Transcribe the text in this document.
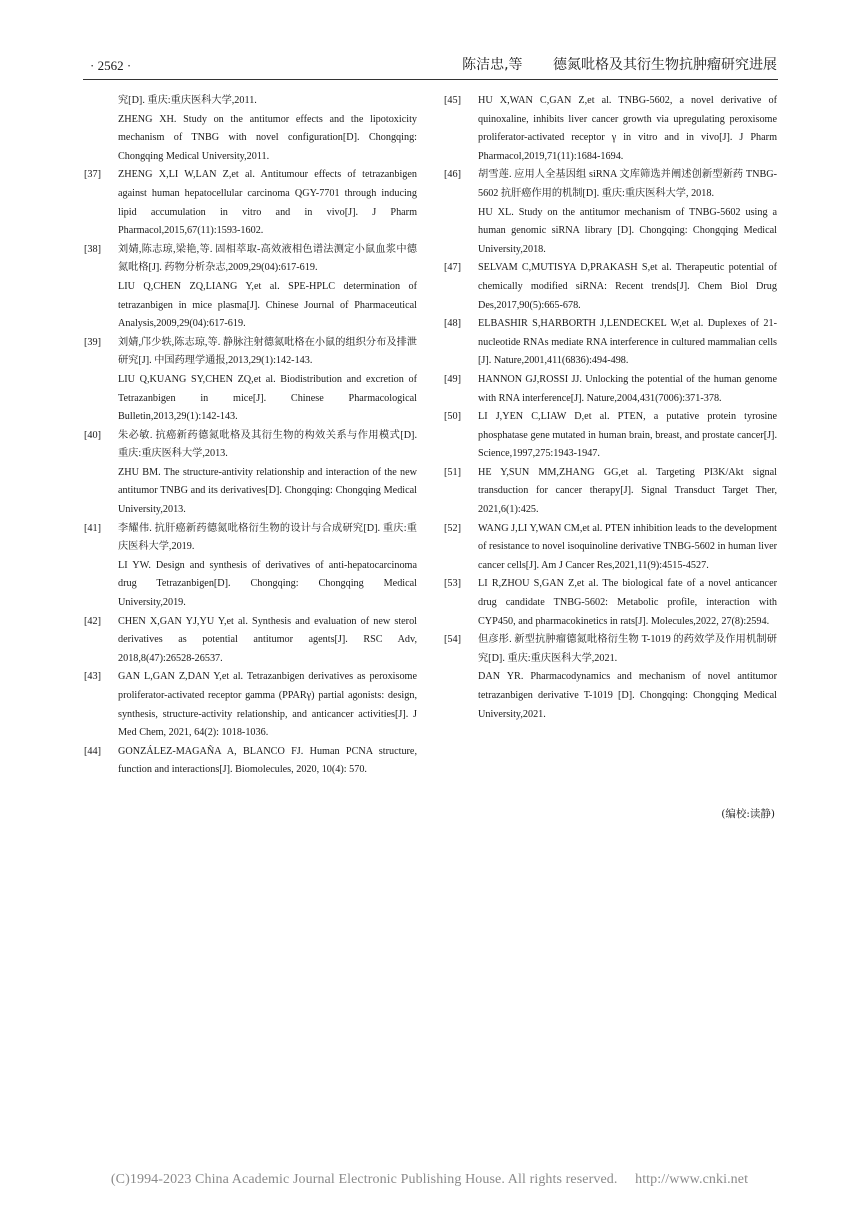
· 2562 ·	陈洁忠,等 德氮吡格及其衍生物抗肿瘤研究进展

究[D]. 重庆:重庆医科大学,2011.

ZHENG XH. Study on the antitumor effects and the lipotoxicity mechanism of TNBG with novel configuration[D]. Chongqing: Chongqing Medical University,2011.

[37] ZHENG X,LI W,LAN Z,et al. Antitumour effects of tetrazanbigen against human hepatocellular carcinoma QGY-7701 through inducing lipid accumulation in vitro and in vivo[J]. J Pharm Pharmacol,2015,67(11):1593-1602.

[38] 刘婧,陈志琼,梁艳,等. 固相萃取-高效液相色谱法测定小鼠血浆中德氮吡格[J]. 药物分析杂志,2009,29(04):617-619.

LIU Q,CHEN ZQ,LIANG Y,et al. SPE-HPLC determination of tetrazanbigen in mice plasma[J]. Chinese Journal of Pharmaceutical Analysis,2009,29(04):617-619.

[39] 刘婧,邝少轶,陈志琼,等. 静脉注射德氮吡格在小鼠的组织分布及排泄研究[J]. 中国药理学通报,2013,29(1):142-143.

LIU Q,KUANG SY,CHEN ZQ,et al. Biodistribution and excretion of Tetrazanbigen in mice[J]. Chinese Pharmacological Bulletin,2013,29(1):142-143.

[40] 朱必敏. 抗癌新药德氮吡格及其衍生物的构效关系与作用模式[D]. 重庆:重庆医科大学,2013.

ZHU BM. The structure-antivity relationship and interaction of the new antitumor TNBG and its derivatives[D]. Chongqing: Chongqing Medical University,2013.

[41] 李耀伟. 抗肝癌新药德氮吡格衍生物的设计与合成研究[D]. 重庆:重庆医科大学,2019.

LI YW. Design and synthesis of derivatives of anti-hepatocarcinoma drug Tetrazanbigen[D]. Chongqing: Chongqing Medical University,2019.

[42] CHEN X,GAN YJ,YU Y,et al. Synthesis and evaluation of new sterol derivatives as potential antitumor agents[J]. RSC Adv, 2018,8(47):26528-26537.

[43] GAN L,GAN Z,DAN Y,et al. Tetrazanbigen derivatives as peroxisome proliferator-activated receptor gamma (PPARγ) partial agonists: design, synthesis, structure-activity relationship, and anticancer activities[J]. J Med Chem, 2021, 64(2): 1018-1036.

[44] GONZÁLEZ-MAGAÑA A, BLANCO FJ. Human PCNA structure, function and interactions[J]. Biomolecules, 2020, 10(4): 570.

[45] HU X,WAN C,GAN Z,et al. TNBG-5602, a novel derivative of quinoxaline, inhibits liver cancer growth via upregulating peroxisome proliferator-activated receptor γ in vitro and in vivo[J]. J Pharm Pharmacol,2019,71(11):1684-1694.

[46] 胡雪莲. 应用人全基因组 siRNA 文库筛选并阐述创新型新药 TNBG-5602 抗肝癌作用的机制[D]. 重庆:重庆医科大学, 2018.

HU XL. Study on the antitumor mechanism of TNBG-5602 using a human genomic siRNA library [D]. Chongqing: Chongqing Medical University,2018.

[47] SELVAM C,MUTISYA D,PRAKASH S,et al. Therapeutic potential of chemically modified siRNA: Recent trends[J]. Chem Biol Drug Des,2017,90(5):665-678.

[48] ELBASHIR S,HARBORTH J,LENDECKEL W,et al. Duplexes of 21-nucleotide RNAs mediate RNA interference in cultured mammalian cells [J]. Nature,2001,411(6836):494-498.

[49] HANNON GJ,ROSSI JJ. Unlocking the potential of the human genome with RNA interference[J]. Nature,2004,431(7006):371-378.

[50] LI J,YEN C,LIAW D,et al. PTEN, a putative protein tyrosine phosphatase gene mutated in human brain, breast, and prostate cancer[J]. Science,1997,275:1943-1947.

[51] HE Y,SUN MM,ZHANG GG,et al. Targeting PI3K/Akt signal transduction for cancer therapy[J]. Signal Transduct Target Ther, 2021,6(1):425.

[52] WANG J,LI Y,WAN CM,et al. PTEN inhibition leads to the development of resistance to novel isoquinoline derivative TNBG-5602 in human liver cancer cells[J]. Am J Cancer Res,2021,11(9):4515-4527.

[53] LI R,ZHOU S,GAN Z,et al. The biological fate of a novel anticancer drug candidate TNBG-5602: Metabolic profile, interaction with CYP450, and pharmacokinetics in rats[J]. Molecules,2022, 27(8):2594.

[54] 但彦彤. 新型抗肿瘤德氮吡格衍生物 T-1019 的药效学及作用机制研究[D]. 重庆:重庆医科大学,2021.

DAN YR. Pharmacodynamics and mechanism of novel antitumor tetrazanbigen derivative T-1019 [D]. Chongqing: Chongqing Medical University,2021.

(编校:读静)
(C)1994-2023 China Academic Journal Electronic Publishing House. All rights reserved. http://www.cnki.net
